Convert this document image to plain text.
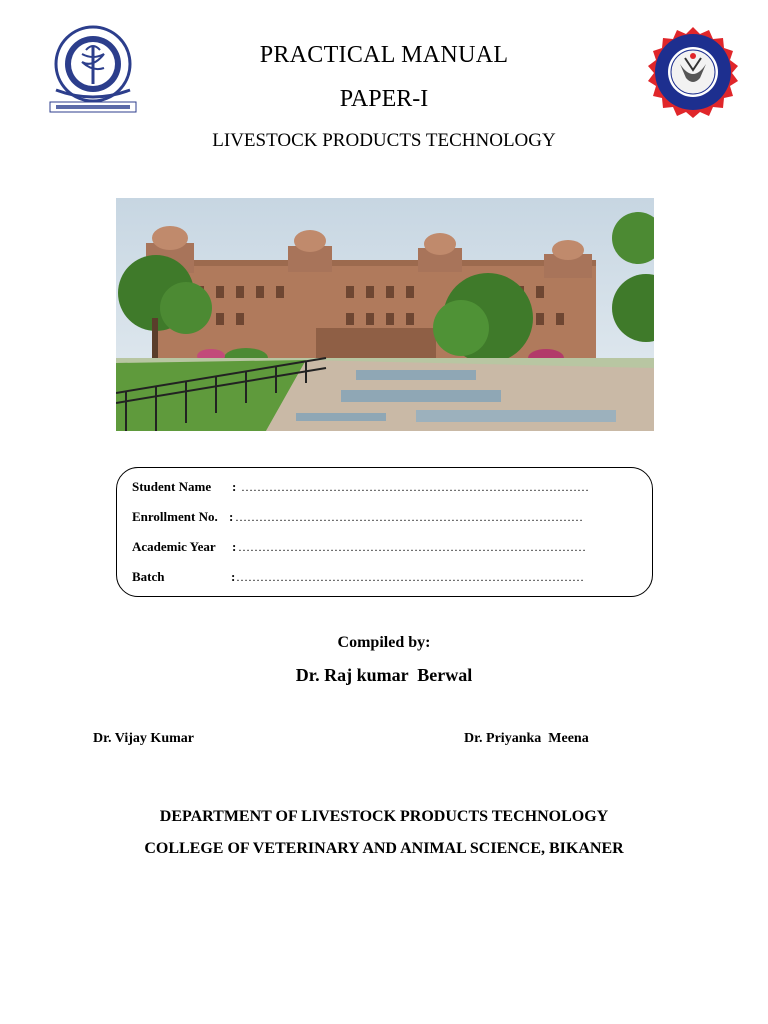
PRACTICAL MANUAL
PAPER-I
LIVESTOCK PRODUCTS TECHNOLOGY
Student Name : ……………………………………………………………………………
Enrollment No. : ……………………………………………………………………………
Academic Year : ……………………………………………………………………………
Batch	: ……………………………………………………………………………
Compiled by:
Dr. Raj kumar  Berwal
Dr. Vijay Kumar	Dr. Priyanka  Meena
DEPARTMENT OF LIVESTOCK PRODUCTS TECHNOLOGY
COLLEGE OF VETERINARY AND ANIMAL SCIENCE, BIKANER
